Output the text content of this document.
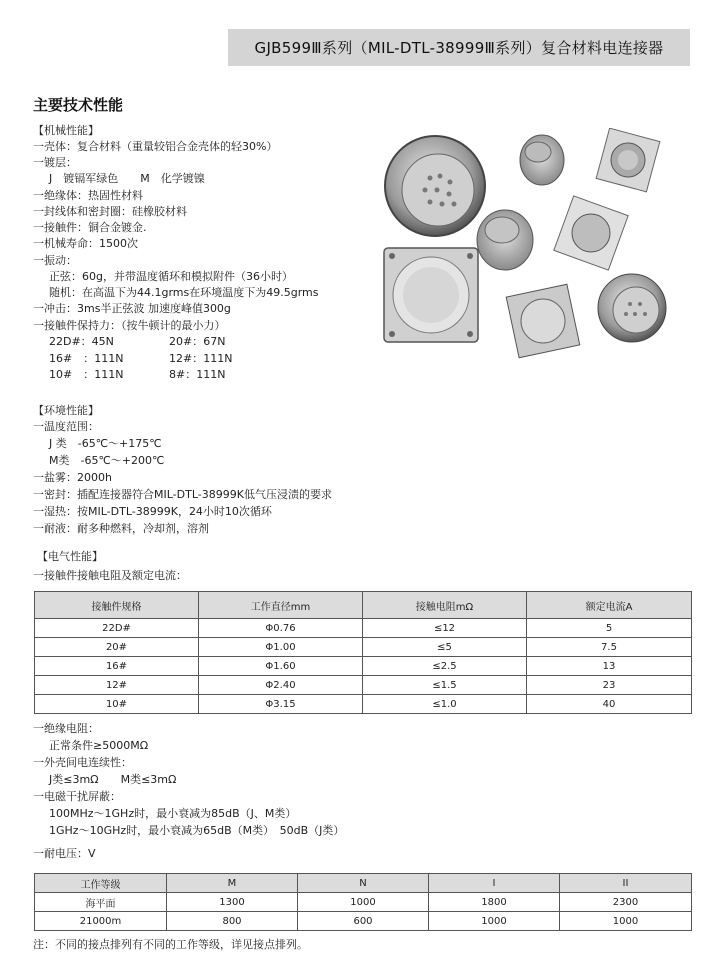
GJB599Ⅲ系列（MIL-DTL-38999Ⅲ系列）复合材料电连接器
主要技术性能
【机械性能】
一壳体：复合材料（重量较铝合金壳体的轻30%）
一镀层：
J　镀镉军绿色　　M　化学镀镍
一绝缘体：热固性材料
一封线体和密封圈：硅橡胶材料
一接触件：铜合金镀金.
一机械寿命：1500次
一振动：
正弦：60g，并带温度循环和模拟附件（36小时）
随机：在高温下为44.1grms在环境温度下为49.5grms
一冲击：3ms半正弦波 加速度峰值300g
一接触件保持力：（按牛顿计的最小力）
22D#：45N	20#：67N
16#　：111N	12#：111N
10#　：111N	8#：111N
【环境性能】
一温度范围：
J 类　-65℃～+175℃
M类　-65℃～+200℃
一盐雾：2000h
一密封：插配连接器符合MIL-DTL-38999K低气压浸渍的要求
一湿热：按MIL-DTL-38999K，24小时10次循环
一耐液：耐多种燃料，冷却剂，溶剂
【电气性能】
一接触件接触电阻及额定电流：
接触件规格	工作直径mm	接触电阻mΩ	额定电流A
22D#	Φ0.76	≤12	5
20#	Φ1.00	≤5	7.5
16#	Φ1.60	≤2.5	13
12#	Φ2.40	≤1.5	23
10#	Φ3.15	≤1.0	40
一绝缘电阻：
正常条件≥5000MΩ
一外壳间电连续性：
J类≤3mΩ　　M类≤3mΩ
一电磁干扰屏蔽：
100MHz～1GHz时，最小衰减为85dB（J、M类）
1GHz～10GHz时，最小衰减为65dB（M类）　50dB（J类）
一耐电压：V
工作等级	M	N	I	II
海平面	1300	1000	1800	2300
21000m	800	600	1000	1000
注：不同的接点排列有不同的工作等级，详见接点排列。
